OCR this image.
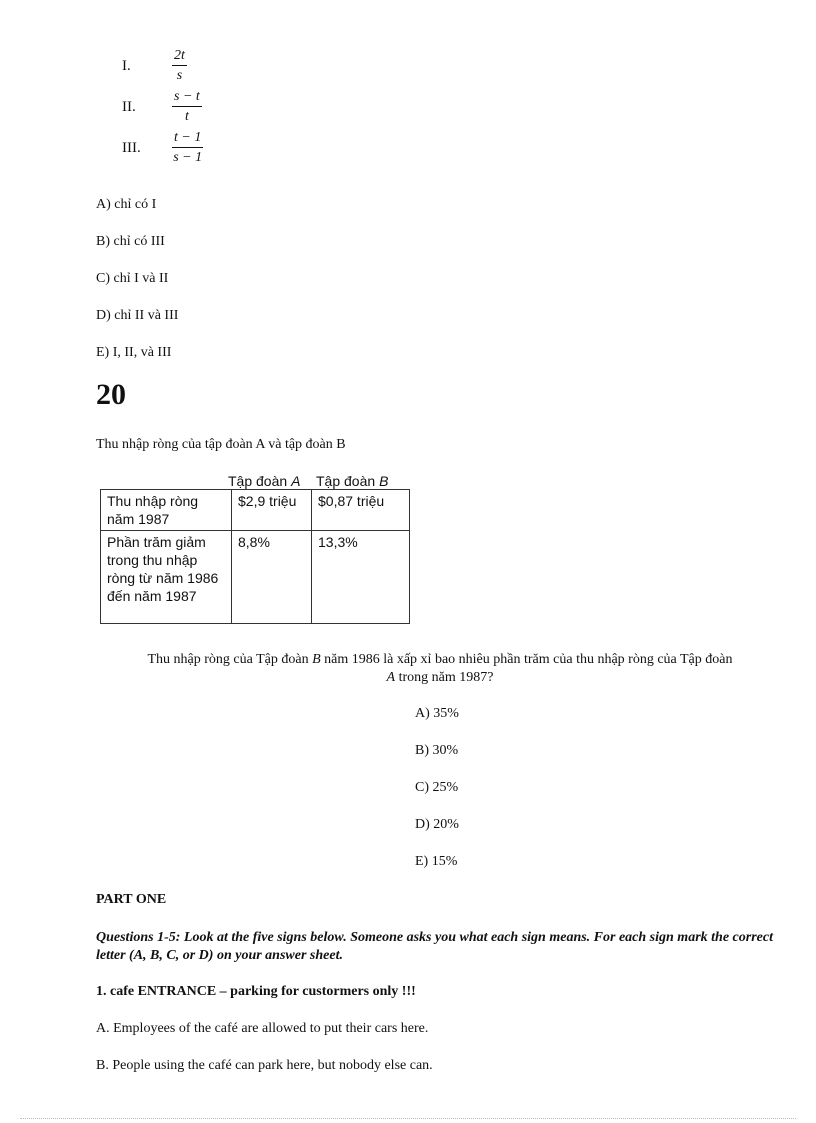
I.	$\frac{2t}{s}$
II.	$\frac{s - t}{t}$
III. $\frac{t - 1}{s - 1}$
A) chỉ có I
B) chỉ có III
C) chỉ I và II
D) chỉ II và III
E) I, II, và III
20
Thu nhập ròng của tập đoàn A và tập đoàn B
Tập đoàn A Tập đoàn B
Thu nhập ròng năm 1987	$2,9 triệu	$0,87 triệu
Phần trăm giảm trong thu nhập ròng từ năm 1986 đến năm 1987	8,8%	13,3%
Thu nhập ròng của Tập đoàn B năm 1986 là xấp xỉ bao nhiêu phần trăm của thu nhập ròng của Tập đoàn
A trong năm 1987?
A) 35%
B) 30%
C) 25%
D) 20%
E) 15%
PART ONE
Questions 1-5: Look at the five signs below. Someone asks you what each sign means. For each sign mark the correct letter (A, B, C, or D) on your answer sheet.
1. cafe ENTRANCE – parking for custormers only !!!
A. Employees of the café are allowed to put their cars here.
B. People using the café can park here, but nobody else can.
